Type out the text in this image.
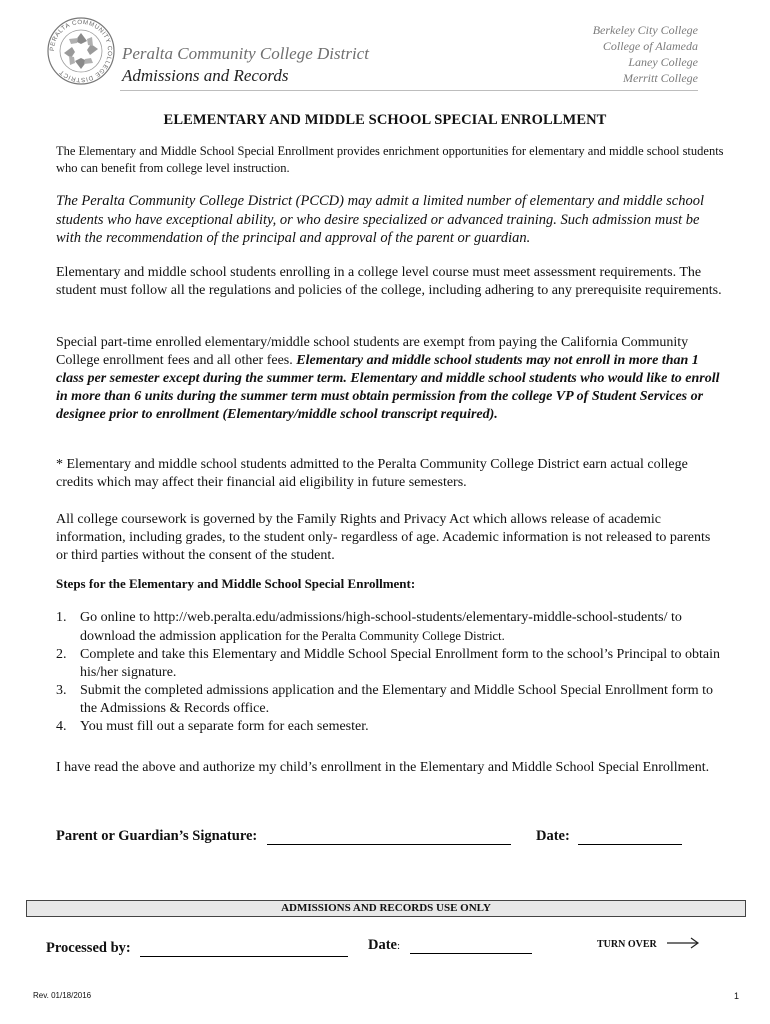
PERALTA COMMUNITY COLLEGE DISTRICT
Peralta Community College District
Admissions and Records
Berkeley City College
College of Alameda
Laney College
Merritt College
ELEMENTARY AND MIDDLE SCHOOL SPECIAL ENROLLMENT
The Elementary and Middle School Special Enrollment provides enrichment opportunities for elementary and middle school students who can benefit from college level instruction.
The Peralta Community College District (PCCD) may admit a limited number of elementary and middle school students who have exceptional ability, or who desire specialized or advanced training. Such admission must be with the recommendation of the principal and approval of the parent or guardian.
Elementary and middle school students enrolling in a college level course must meet assessment requirements. The student must follow all the regulations and policies of the college, including adhering to any prerequisite requirements.
Special part-time enrolled elementary/middle school students are exempt from paying the California Community College enrollment fees and all other fees. Elementary and middle school students may not enroll in more than 1 class per semester except during the summer term. Elementary and middle school students who would like to enroll in more than 6 units during the summer term must obtain permission from the college VP of Student Services or designee prior to enrollment (Elementary/middle school transcript required).
* Elementary and middle school students admitted to the Peralta Community College District earn actual college credits which may affect their financial aid eligibility in future semesters.
All college coursework is governed by the Family Rights and Privacy Act which allows release of academic information, including grades, to the student only- regardless of age. Academic information is not released to parents or third parties without the consent of the student.
Steps for the Elementary and Middle School Special Enrollment:
1. Go online to http://web.peralta.edu/admissions/high-school-students/elementary-middle-school-students/ to download the admission application for the Peralta Community College District.
2. Complete and take this Elementary and Middle School Special Enrollment form to the school’s Principal to obtain his/her signature.
3. Submit the completed admissions application and the Elementary and Middle School Special Enrollment form to the Admissions & Records office.
4. You must fill out a separate form for each semester.
I have read the above and authorize my child’s enrollment in the Elementary and Middle School Special Enrollment.
Parent or Guardian’s Signature:	Date:
ADMISSIONS AND RECORDS USE ONLY
Processed by:	Date:	TURN OVER
Rev. 01/18/2016	1
